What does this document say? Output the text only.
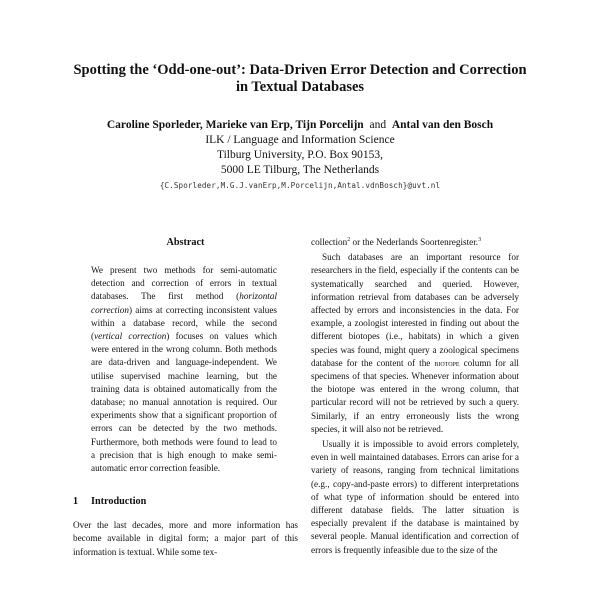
Spotting the ‘Odd-one-out’: Data-Driven Error Detection and Correction
in Textual Databases
Caroline Sporleder, Marieke van Erp, Tijn Porcelijn and Antal van den Bosch
ILK / Language and Information Science
Tilburg University, P.O. Box 90153,
5000 LE Tilburg, The Netherlands
{C.Sporleder,M.G.J.vanErp,M.Porcelijn,Antal.vdnBosch}@uvt.nl
Abstract

We present two methods for semi-automatic detection and correction of errors in textual databases. The first method (horizontal correction) aims at correcting inconsistent values within a database record, while the second (vertical correction) focuses on values which were entered in the wrong column. Both methods are data-driven and language-independent. We utilise supervised machine learning, but the training data is obtained automatically from the database; no manual annotation is required. Our experiments show that a significant proportion of errors can be detected by the two methods. Furthermore, both methods were found to lead to a precision that is high enough to make semi-automatic error correction feasible.

1 Introduction

Over the last decades, more and more information has become available in digital form; a major part of this information is textual. While some tex-

collection$^2$ or the Nederlands Soortenregister.$^3$

Such databases are an important resource for researchers in the field, especially if the contents can be systematically searched and queried. However, information retrieval from databases can be adversely affected by errors and inconsistencies in the data. For example, a zoologist interested in finding out about the different biotopes (i.e., habitats) in which a given species was found, might query a zoological specimens database for the content of the biotope column for all specimens of that species. Whenever information about the biotope was entered in the wrong column, that particular record will not be retrieved by such a query. Similarly, if an entry erroneously lists the wrong species, it will also not be retrieved.

Usually it is impossible to avoid errors completely, even in well maintained databases. Errors can arise for a variety of reasons, ranging from technical limitations (e.g., copy-and-paste errors) to different interpretations of what type of information should be entered into different database fields. The latter situation is especially prevalent if the database is maintained by several people. Manual identification and correction of errors is frequently infeasible due to the size of the
